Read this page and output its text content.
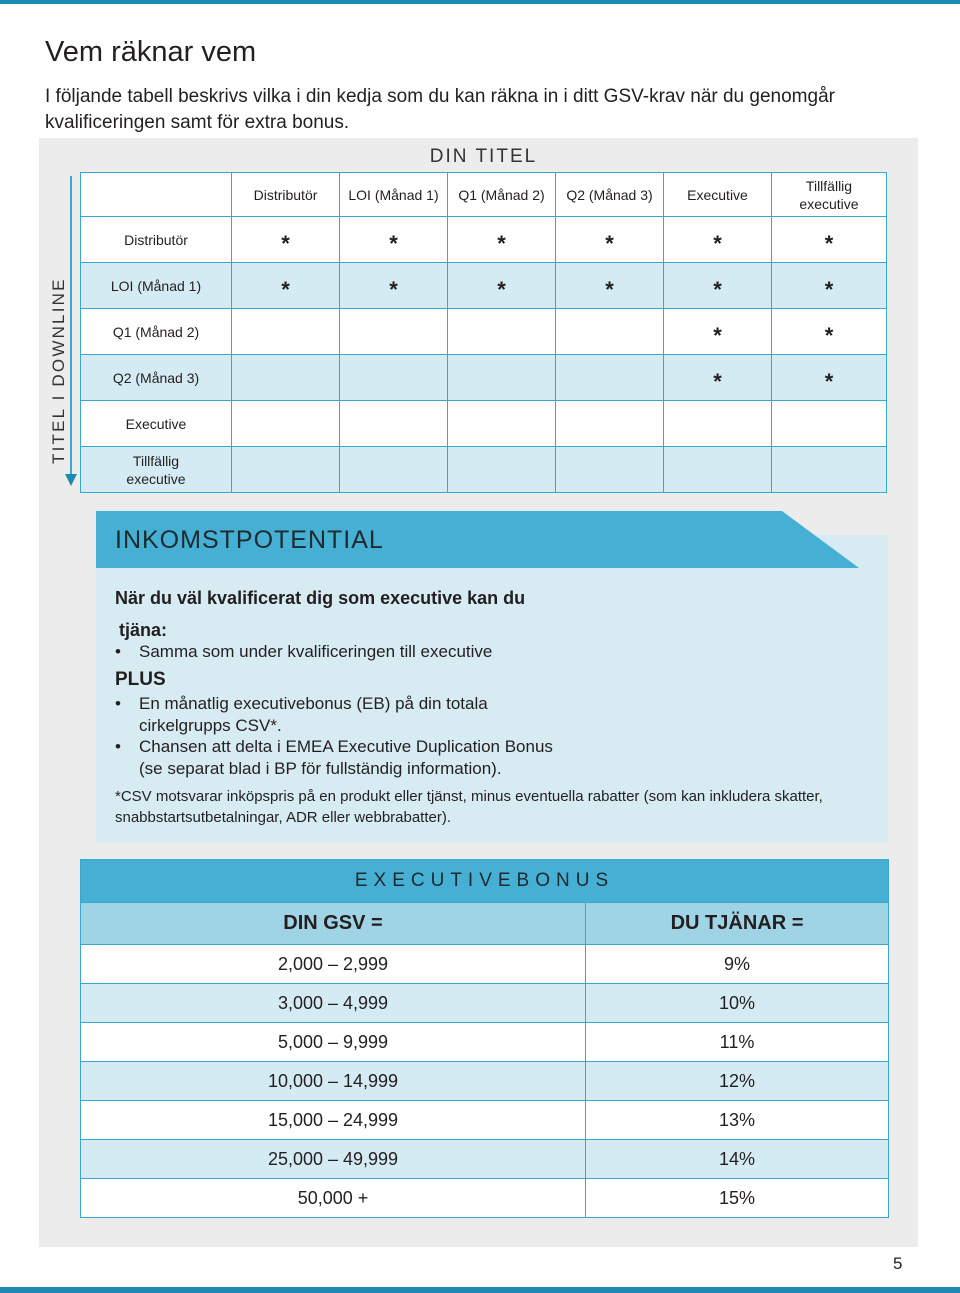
Vem räknar vem

I följande tabell beskrivs vilka i din kedja som du kan räkna in i ditt GSV-krav när du genomgår kvalificeringen samt för extra bonus.

DIN TITEL
TITEL I DOWNLINE
	Distributör	LOI (Månad 1)	Q1 (Månad 2)	Q2 (Månad 3)	Executive	Tillfällig executive
Distributör	*	*	*	*	*	*
LOI (Månad 1)	*	*	*	*	*	*
Q1 (Månad 2)					*	*
Q2 (Månad 3)					*	*
Executive						
Tillfällig executive						
INKOMSTPOTENTIAL
När du väl kvalificerat dig som executive kan du
tjäna:
• Samma som under kvalificeringen till executive
PLUS
• En månatlig executivebonus (EB) på din totala
cirkelgrupps CSV*.
• Chansen att delta i EMEA Executive Duplication Bonus
(se separat blad i BP för fullständig information).
*CSV motsvarar inköpspris på en produkt eller tjänst, minus eventuella rabatter (som kan inkludera skatter, snabbstartsutbetalningar, ADR eller webbrabatter).
EXECUTIVEBONUS	
DIN GSV =	DU TJÄNAR =
2,000 – 2,999	9%
3,000 – 4,999	10%
5,000 – 9,999	11%
10,000 – 14,999	12%
15,000 – 24,999	13%
25,000 – 49,999	14%
50,000 +	15%
5
